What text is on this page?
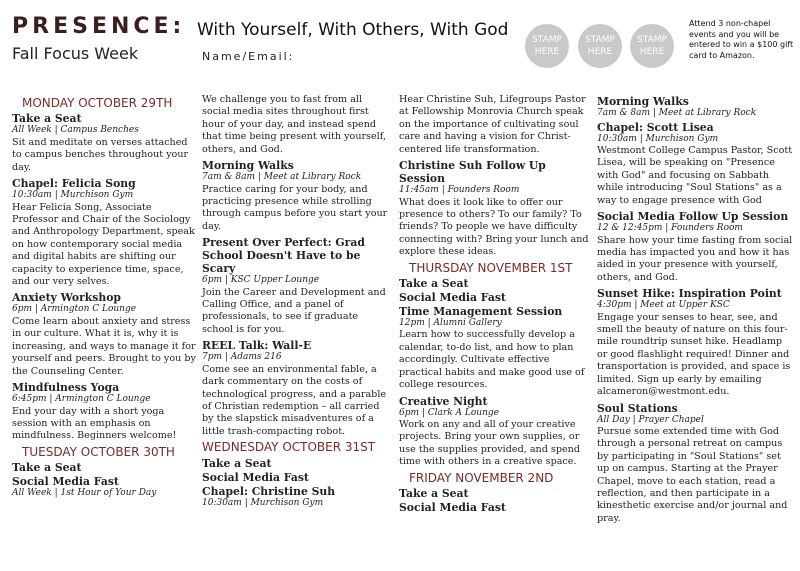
PRESENCE:
Fall Focus Week
With Yourself, With Others, With God
Name/Email:
STAMP HERE
STAMP HERE
STAMP HERE
Attend 3 non-chapel events and you will be entered to win a $100 gift card to Amazon.
MONDAY OCTOBER 29TH
Take a Seat
All Week | Campus Benches
Sit and meditate on verses attached to campus benches throughout your day.
Chapel: Felicia Song
10:30am | Murchison Gym
Hear Felicia Song, Associate Professor and Chair of the Sociology and Anthropology Department, speak on how contemporary social media and digital habits are shifting our capacity to experience time, space, and our very selves.
Anxiety Workshop
6pm | Armington C Lounge
Come learn about anxiety and stress in our culture. What it is, why it is increasing, and ways to manage it for yourself and peers. Brought to you by the Counseling Center.
Mindfulness Yoga
6:45pm | Armington C Lounge
End your day with a short yoga session with an emphasis on mindfulness. Beginners welcome!
TUESDAY OCTOBER 30TH
Take a Seat
Social Media Fast
All Week | 1st Hour of Your Day
We challenge you to fast from all social media sites throughout first hour of your day, and instead spend that time being present with yourself, others, and God.
Morning Walks
7am & 8am | Meet at Library Rock
Practice caring for your body, and practicing presence while strolling through campus before you start your day.
Present Over Perfect: Grad School Doesn't Have to be Scary
6pm | KSC Upper Lounge
Join the Career and Development and Calling Office, and a panel of professionals, to see if graduate school is for you.
REEL Talk: Wall-E
7pm | Adams 216
Come see an environmental fable, a dark commentary on the costs of technological progress, and a parable of Christian redemption – all carried by the slapstick misadventures of a little trash-compacting robot.
WEDNESDAY OCTOBER 31ST
Take a Seat
Social Media Fast
Chapel: Christine Suh
10:30am | Murchison Gym
Hear Christine Suh, Lifegroups Pastor at Fellowship Monrovia Church speak on the importance of cultivating soul care and having a vision for Christ-centered life transformation.
Christine Suh Follow Up Session
11:45am | Founders Room
What does it look like to offer our presence to others? To our family? To friends? To people we have difficulty connecting with? Bring your lunch and explore these ideas.
THURSDAY NOVEMBER 1ST
Take a Seat
Social Media Fast
Time Management Session
12pm | Alumni Gallery
Learn how to successfully develop a calendar, to-do list, and how to plan accordingly. Cultivate effective practical habits and make good use of college resources.
Creative Night
6pm | Clark A Lounge
Work on any and all of your creative projects. Bring your own supplies, or use the supplies provided, and spend time with others in a creative space.
FRIDAY NOVEMBER 2ND
Take a Seat
Social Media Fast
Morning Walks
7am & 8am | Meet at Library Rock
Chapel: Scott Lisea
10:30am | Murchison Gym
Westmont College Campus Pastor, Scott Lisea, will be speaking on "Presence with God" and focusing on Sabbath while introducing "Soul Stations" as a way to engage presence with God
Social Media Follow Up Session
12 & 12:45pm | Founders Room
Share how your time fasting from social media has impacted you and how it has aided in your presence with yourself, others, and God.
Sunset Hike: Inspiration Point
4:30pm | Meet at Upper KSC
Engage your senses to hear, see, and smell the beauty of nature on this four-mile roundtrip sunset hike. Headlamp or good flashlight required! Dinner and transportation is provided, and space is limited. Sign up early by emailing alcameron@westmont.edu.
Soul Stations
All Day | Prayer Chapel
Pursue some extended time with God through a personal retreat on campus by participating in "Soul Stations" set up on campus. Starting at the Prayer Chapel, move to each station, read a reflection, and then participate in a kinesthetic exercise and/or journal and pray.
